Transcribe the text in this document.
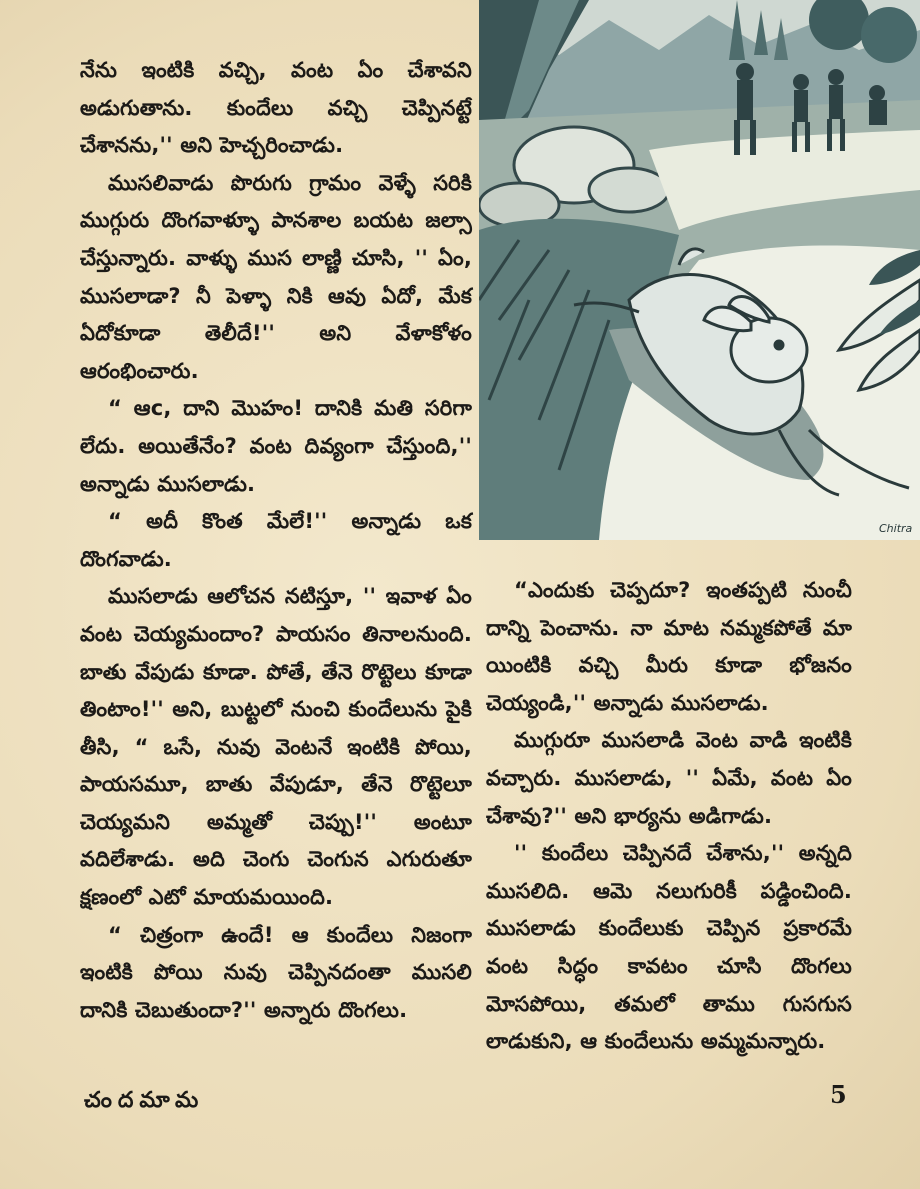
నేను ఇంటికి వచ్చి, వంట ఏం చేశావని అడుగుతాను. కుందేలు వచ్చి చెప్పినట్టే చేశానను,'' అని హెచ్చరించాడు.

ముసలివాడు పొరుగు గ్రామం వెళ్ళే సరికి ముగ్గురు దొంగవాళ్ళూ పానశాల బయట జల్సా చేస్తున్నారు. వాళ్ళు ముస లాణ్ణి చూసి, '' ఏం, ముసలాడా? నీ పెళ్ళా నికి ఆవు ఏదో, మేక ఏదోకూడా తెలీదే!'' అని వేళాకోళం ఆరంభించారు.

“ ఆc, దాని మొహం! దానికి మతి సరిగా లేదు. అయితేనేం? వంట దివ్యంగా చేస్తుంది,'' అన్నాడు ముసలాడు.

“ అదీ కొంత మేలే!'' అన్నాడు ఒక దొంగవాడు.

ముసలాడు ఆలోచన నటిస్తూ, '' ఇవాళ ఏం వంట చెయ్యమందాం? పాయసం తినాలనుంది. బాతు వేపుడు కూడా. పోతే, తేనె రొట్టెలు కూడా తింటాం!'' అని, బుట్టలో నుంచి కుందేలును పైకి తీసి, “ ఒసే, నువు వెంటనే ఇంటికి పోయి, పాయసమూ, బాతు వేపుడూ, తేనె రొట్టెలూ చెయ్యమని అమ్మతో చెప్పు!'' అంటూ వదిలేశాడు. అది చెంగు చెంగున ఎగురుతూ క్షణంలో ఎటో మాయమయింది.

“ చిత్రంగా ఉందే! ఆ కుందేలు నిజంగా ఇంటికి పోయి నువు చెప్పినదంతా ముసలి దానికి చెబుతుందా?'' అన్నారు దొంగలు.

Chitra

“ఎందుకు చెప్పదూ? ఇంతప్పటి నుంచీ దాన్ని పెంచాను. నా మాట నమ్మకపోతే మా యింటికి వచ్చి మీరు కూడా భోజనం చెయ్యండి,'' అన్నాడు ముసలాడు.

ముగ్గురూ ముసలాడి వెంట వాడి ఇంటికి వచ్చారు. ముసలాడు, '' ఏమే, వంట ఏం చేశావు?'' అని భార్యను అడిగాడు.

'' కుందేలు చెప్పినదే చేశాను,'' అన్నది ముసలిది. ఆమె నలుగురికీ పడ్డించింది. ముసలాడు కుందేలుకు చెప్పిన ప్రకారమే వంట సిద్ధం కావటం చూసి దొంగలు మోసపోయి, తమలో తాము గుసగుస లాడుకుని, ఆ కుందేలును అమ్మమన్నారు.

చందమామ	5
